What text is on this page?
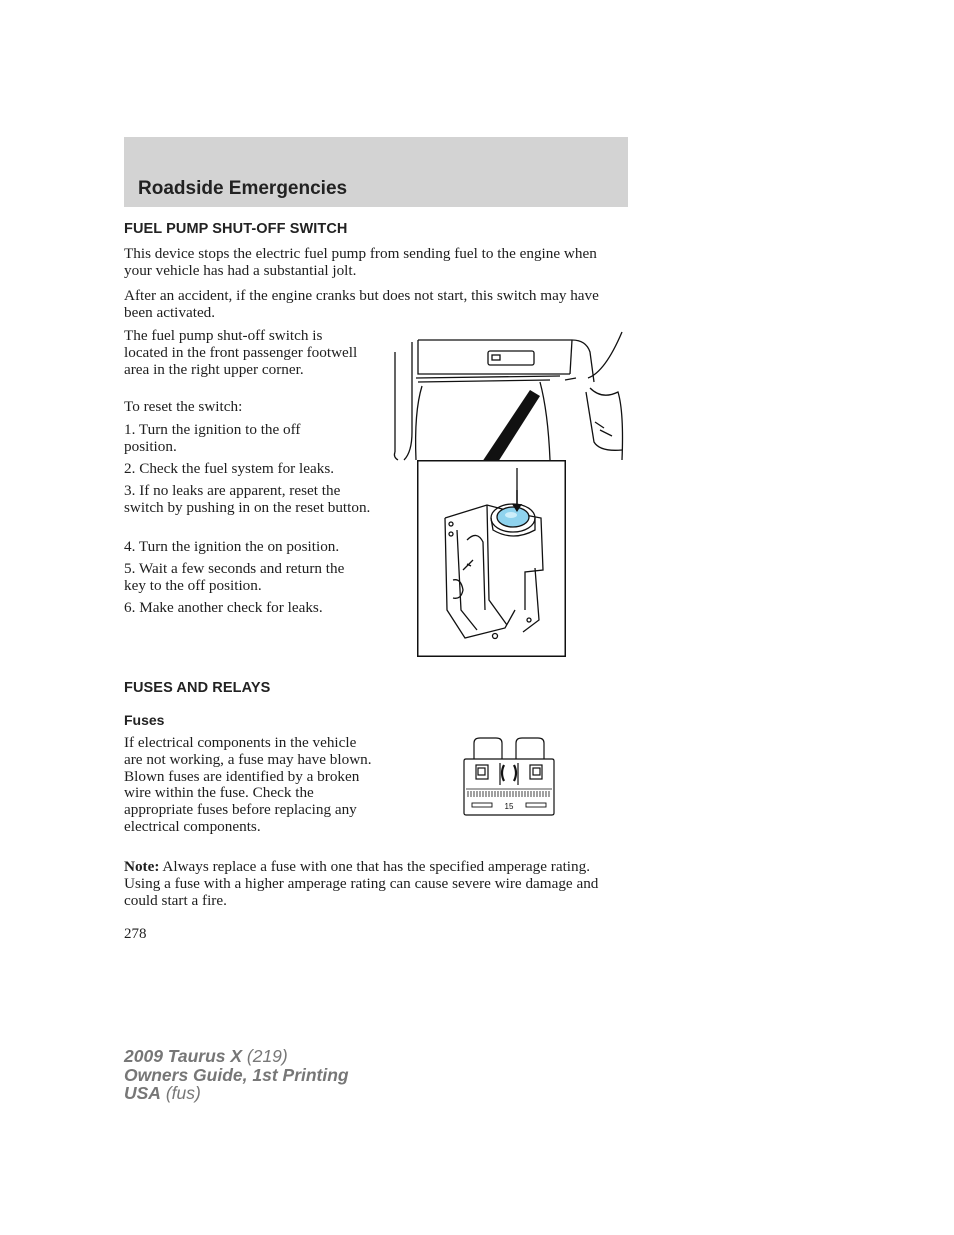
Roadside Emergencies
FUEL PUMP SHUT-OFF SWITCH

This device stops the electric fuel pump from sending fuel to the engine when your vehicle has had a substantial jolt.

After an accident, if the engine cranks but does not start, this switch may have been activated.

The fuel pump shut-off switch is located in the front passenger footwell area in the right upper corner.

To reset the switch:

1. Turn the ignition to the off position.

2. Check the fuel system for leaks.

3. If no leaks are apparent, reset the switch by pushing in on the reset button.

4. Turn the ignition the on position.

5. Wait a few seconds and return the key to the off position.

6. Make another check for leaks.

FUSES AND RELAYS
Fuses

If electrical components in the vehicle are not working, a fuse may have blown. Blown fuses are identified by a broken wire within the fuse. Check the appropriate fuses before replacing any electrical components.

Note: Always replace a fuse with one that has the specified amperage rating. Using a fuse with a higher amperage rating can cause severe wire damage and could start a fire.

15
278
2009 Taurus X (219)
Owners Guide, 1st Printing
USA (fus)
